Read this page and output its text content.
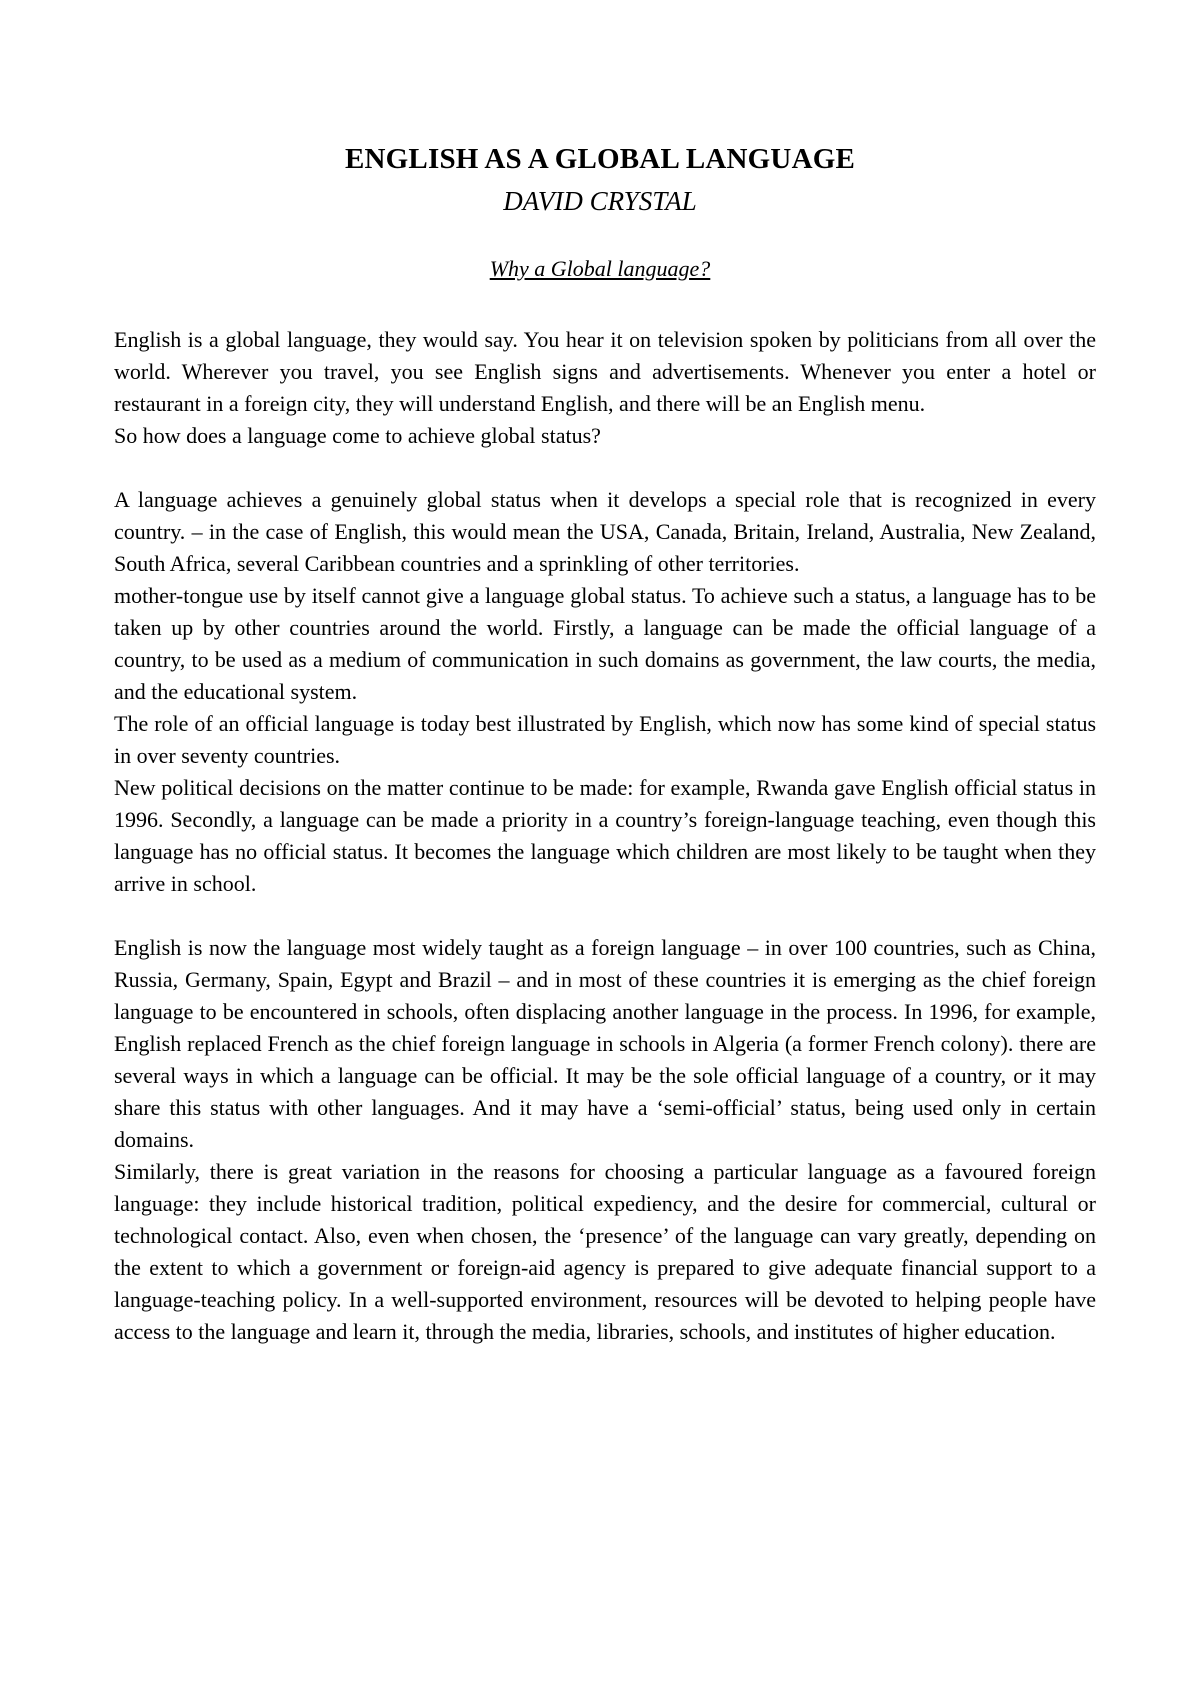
ENGLISH AS A GLOBAL LANGUAGE
DAVID CRYSTAL
Why a Global language?

English is a global language, they would say. You hear it on television spoken by politicians from all over the world. Wherever you travel, you see English signs and advertisements. Whenever you enter a hotel or restaurant in a foreign city, they will understand English, and there will be an English menu.

So how does a language come to achieve global status?

A language achieves a genuinely global status when it develops a special role that is recognized in every country. – in the case of English, this would mean the USA, Canada, Britain, Ireland, Australia, New Zealand, South Africa, several Caribbean countries and a sprinkling of other territories.

mother-tongue use by itself cannot give a language global status. To achieve such a status, a language has to be taken up by other countries around the world. Firstly, a language can be made the official language of a country, to be used as a medium of communication in such domains as government, the law courts, the media, and the educational system.

The role of an official language is today best illustrated by English, which now has some kind of special status in over seventy countries.

New political decisions on the matter continue to be made: for example, Rwanda gave English official status in 1996. Secondly, a language can be made a priority in a country’s foreign-language teaching, even though this language has no official status. It becomes the language which children are most likely to be taught when they arrive in school.

English is now the language most widely taught as a foreign language – in over 100 countries, such as China, Russia, Germany, Spain, Egypt and Brazil – and in most of these countries it is emerging as the chief foreign language to be encountered in schools, often displacing another language in the process. In 1996, for example, English replaced French as the chief foreign language in schools in Algeria (a former French colony). there are several ways in which a language can be official. It may be the sole official language of a country, or it may share this status with other languages. And it may have a ‘semi-official’ status, being used only in certain domains.

Similarly, there is great variation in the reasons for choosing a particular language as a favoured foreign language: they include historical tradition, political expediency, and the desire for commercial, cultural or technological contact. Also, even when chosen, the ‘presence’ of the language can vary greatly, depending on the extent to which a government or foreign-aid agency is prepared to give adequate financial support to a language-teaching policy. In a well-supported environment, resources will be devoted to helping people have access to the language and learn it, through the media, libraries, schools, and institutes of higher education.
